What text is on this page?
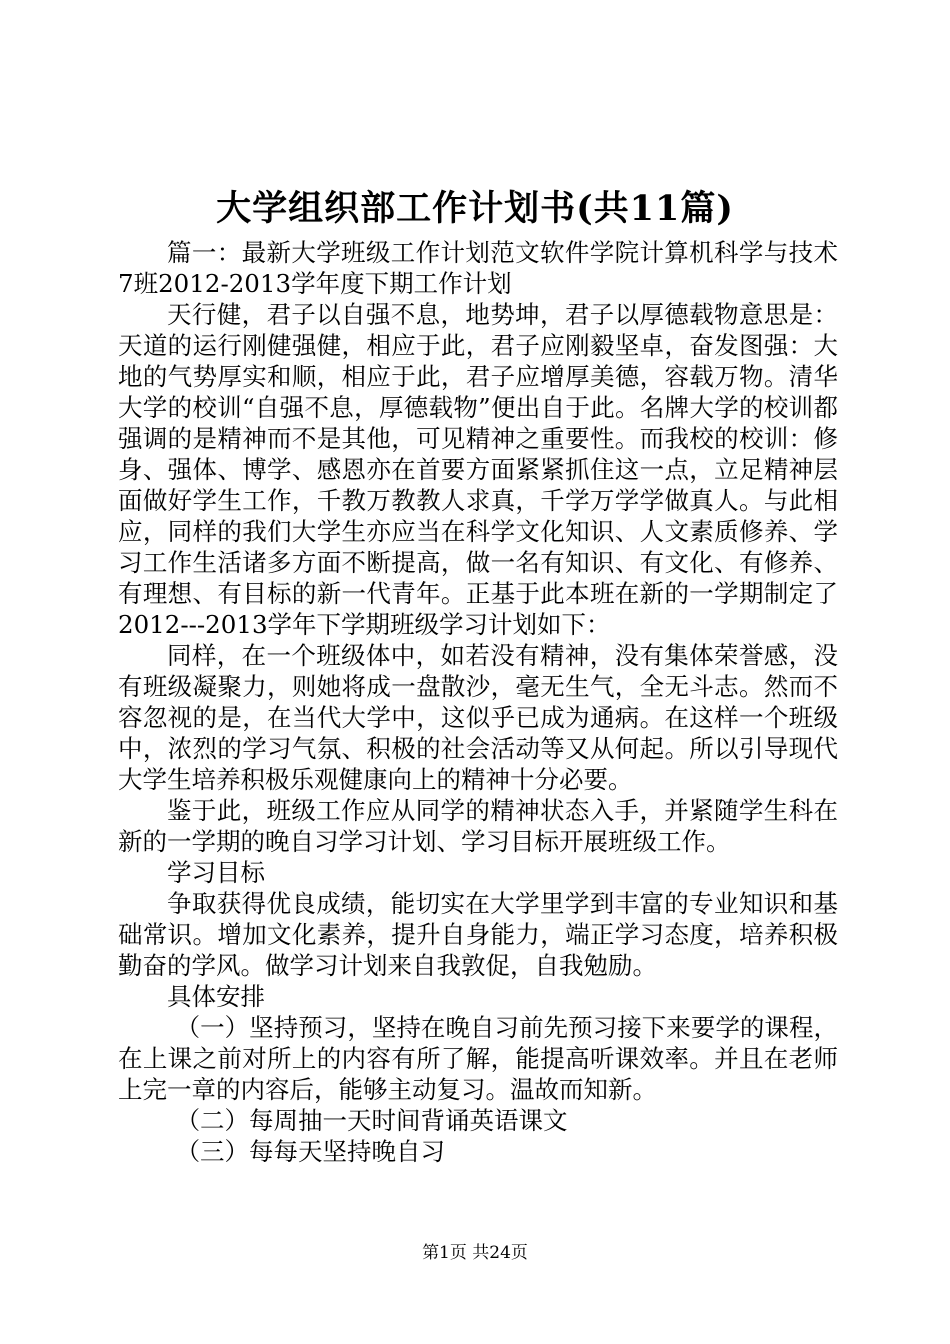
大学组织部工作计划书(共11篇)

篇一：最新大学班级工作计划范文软件学院计算机科学与技术7班2012-2013学年度下期工作计划

天行健，君子以自强不息，地势坤，君子以厚德载物意思是：天道的运行刚健强健，相应于此，君子应刚毅坚卓，奋发图强：大地的气势厚实和顺，相应于此，君子应增厚美德，容载万物。清华大学的校训“自强不息，厚德载物”便出自于此。名牌大学的校训都强调的是精神而不是其他，可见精神之重要性。而我校的校训：修身、强体、博学、感恩亦在首要方面紧紧抓住这一点，立足精神层面做好学生工作，千教万教教人求真，千学万学学做真人。与此相应，同样的我们大学生亦应当在科学文化知识、人文素质修养、学习工作生活诸多方面不断提高，做一名有知识、有文化、有修养、有理想、有目标的新一代青年。正基于此本班在新的一学期制定了2012---2013学年下学期班级学习计划如下：

同样，在一个班级体中，如若没有精神，没有集体荣誉感，没有班级凝聚力，则她将成一盘散沙，毫无生气，全无斗志。然而不容忽视的是，在当代大学中，这似乎已成为通病。在这样一个班级中，浓烈的学习气氛、积极的社会活动等又从何起。所以引导现代大学生培养积极乐观健康向上的精神十分必要。

鉴于此，班级工作应从同学的精神状态入手，并紧随学生科在新的一学期的晚自习学习计划、学习目标开展班级工作。

学习目标

争取获得优良成绩，能切实在大学里学到丰富的专业知识和基础常识。增加文化素养，提升自身能力，端正学习态度，培养积极勤奋的学风。做学习计划来自我敦促，自我勉励。

具体安排

（一）坚持预习，坚持在晚自习前先预习接下来要学的课程，在上课之前对所上的内容有所了解，能提高听课效率。并且在老师上完一章的内容后，能够主动复习。温故而知新。

（二）每周抽一天时间背诵英语课文

（三）每每天坚持晚自习

第1页 共24页
